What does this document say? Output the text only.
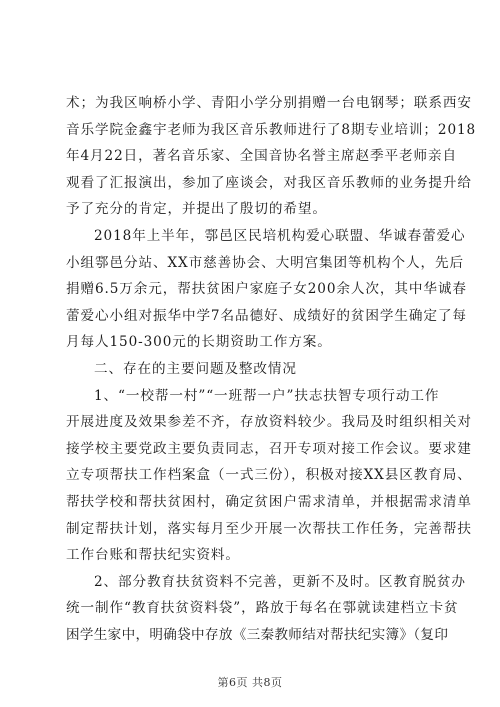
术；为我区响桥小学、青阳小学分别捐赠一台电钢琴；联系西安
音乐学院金鑫宇老师为我区音乐教师进行了8期专业培训；2018
年4月22日，著名音乐家、全国音协名誉主席赵季平老师亲自
观看了汇报演出，参加了座谈会，对我区音乐教师的业务提升给
予了充分的肯定，并提出了殷切的希望。
2018年上半年，鄠邑区民培机构爱心联盟、华诚春蕾爱心
小组鄠邑分站、XX市慈善协会、大明宫集团等机构个人，先后
捐赠6.5万余元，帮扶贫困户家庭子女200余人次，其中华诚春
蕾爱心小组对振华中学7名品德好、成绩好的贫困学生确定了每
月每人150-300元的长期资助工作方案。
二、存在的主要问题及整改情况
1、“一校帮一村”“一班帮一户”扶志扶智专项行动工作
开展进度及效果参差不齐，存放资料较少。我局及时组织相关对
接学校主要党政主要负责同志，召开专项对接工作会议。要求建
立专项帮扶工作档案盒（一式三份），积极对接XX县区教育局、
帮扶学校和帮扶贫困村，确定贫困户需求清单，并根据需求清单
制定帮扶计划，落实每月至少开展一次帮扶工作任务，完善帮扶
工作台账和帮扶纪实资料。
2、部分教育扶贫资料不完善，更新不及时。区教育脱贫办
统一制作“教育扶贫资料袋”，路放于每名在鄠就读建档立卡贫
困学生家中，明确袋中存放《三秦教师结对帮扶纪实簿》（复印
第6页 共8页
